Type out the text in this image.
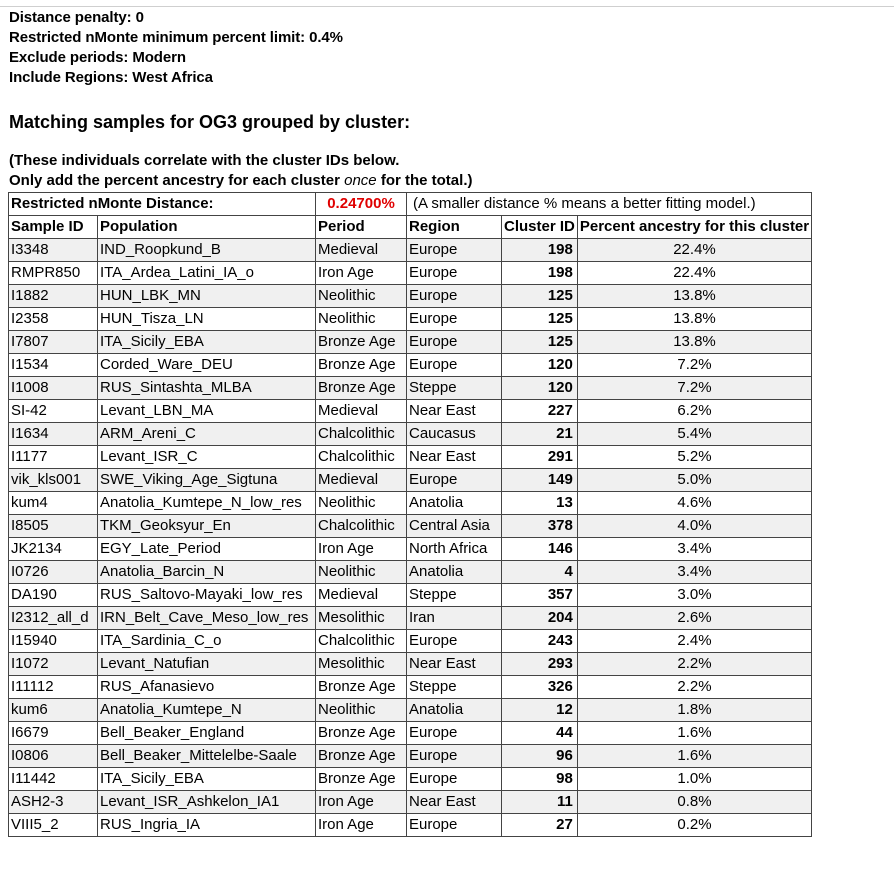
Distance penalty: 0
Restricted nMonte minimum percent limit: 0.4%
Exclude periods: Modern
Include Regions: West Africa
Matching samples for OG3 grouped by cluster:
(These individuals correlate with the cluster IDs below.
Only add the percent ancestry for each cluster once for the total.)
Restricted nMonte Distance:		0.24700%	(A smaller distance % means a better fitting model.)		
Sample ID	Population	Period	Region	Cluster ID	Percent ancestry for this cluster
I3348	IND_Roopkund_B	Medieval	Europe	198	22.4%
RMPR850	ITA_Ardea_Latini_IA_o	Iron Age	Europe	198	22.4%
I1882	HUN_LBK_MN	Neolithic	Europe	125	13.8%
I2358	HUN_Tisza_LN	Neolithic	Europe	125	13.8%
I7807	ITA_Sicily_EBA	Bronze Age	Europe	125	13.8%
I1534	Corded_Ware_DEU	Bronze Age	Europe	120	7.2%
I1008	RUS_Sintashta_MLBA	Bronze Age	Steppe	120	7.2%
SI-42	Levant_LBN_MA	Medieval	Near East	227	6.2%
I1634	ARM_Areni_C	Chalcolithic	Caucasus	21	5.4%
I1177	Levant_ISR_C	Chalcolithic	Near East	291	5.2%
vik_kls001	SWE_Viking_Age_Sigtuna	Medieval	Europe	149	5.0%
kum4	Anatolia_Kumtepe_N_low_res	Neolithic	Anatolia	13	4.6%
I8505	TKM_Geoksyur_En	Chalcolithic	Central Asia	378	4.0%
JK2134	EGY_Late_Period	Iron Age	North Africa	146	3.4%
I0726	Anatolia_Barcin_N	Neolithic	Anatolia	4	3.4%
DA190	RUS_Saltovo-Mayaki_low_res	Medieval	Steppe	357	3.0%
I2312_all_d	IRN_Belt_Cave_Meso_low_res	Mesolithic	Iran	204	2.6%
I15940	ITA_Sardinia_C_o	Chalcolithic	Europe	243	2.4%
I1072	Levant_Natufian	Mesolithic	Near East	293	2.2%
I11112	RUS_Afanasievo	Bronze Age	Steppe	326	2.2%
kum6	Anatolia_Kumtepe_N	Neolithic	Anatolia	12	1.8%
I6679	Bell_Beaker_England	Bronze Age	Europe	44	1.6%
I0806	Bell_Beaker_Mittelelbe-Saale	Bronze Age	Europe	96	1.6%
I11442	ITA_Sicily_EBA	Bronze Age	Europe	98	1.0%
ASH2-3	Levant_ISR_Ashkelon_IA1	Iron Age	Near East	11	0.8%
VIII5_2	RUS_Ingria_IA	Iron Age	Europe	27	0.2%
